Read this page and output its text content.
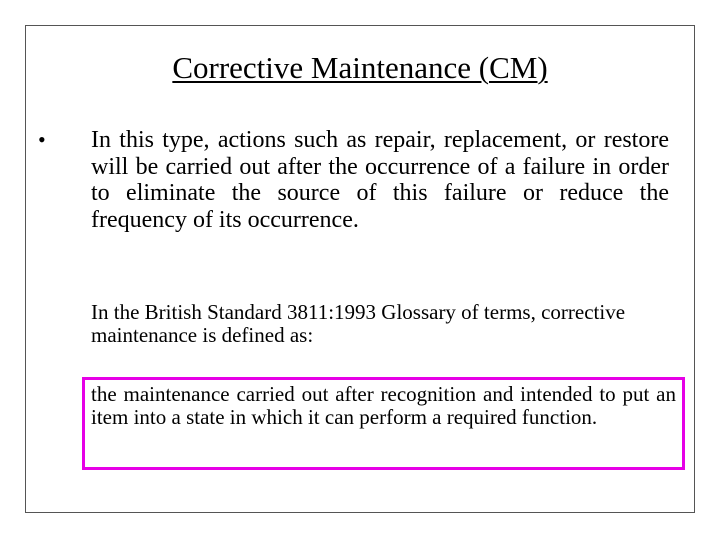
Corrective Maintenance (CM)
• In this type, actions such as repair, replacement, or restore will be carried out after the occurrence of a failure in order to eliminate the source of this failure or reduce the frequency of its occurrence.
In the British Standard 3811:1993 Glossary of terms, corrective maintenance is defined as:
the maintenance carried out after recognition and intended to put an item into a state in which it can perform a required function.
